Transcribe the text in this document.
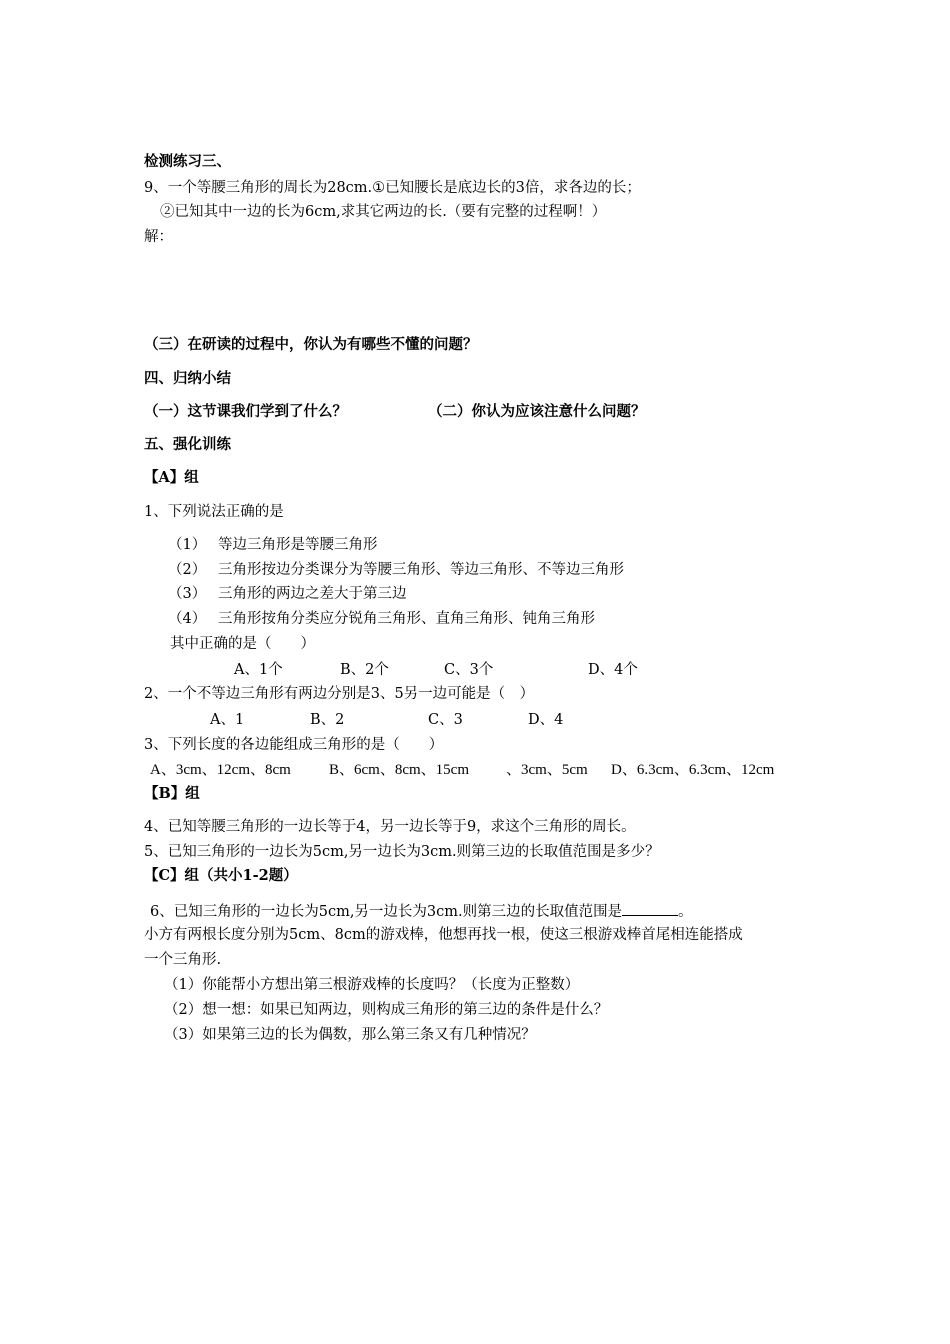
检测练习三、
9、一个等腰三角形的周长为28cm.①已知腰长是底边长的3倍，求各边的长；
②已知其中一边的长为6cm,求其它两边的长.（要有完整的过程啊！）
解：
（三）在研读的过程中，你认为有哪些不懂的问题？
四、归纳小结
（一）这节课我们学到了什么？	（二）你认为应该注意什么问题？
五、强化训练
【A】组
1、下列说法正确的是
（1） 等边三角形是等腰三角形
（2） 三角形按边分类课分为等腰三角形、等边三角形、不等边三角形
（3） 三角形的两边之差大于第三边
（4） 三角形按角分类应分锐角三角形、直角三角形、钝角三角形
其中正确的是（　　）
A、1个	B、2个	C、3个	D、4个
2、一个不等边三角形有两边分别是3、5另一边可能是（　）
A、1	B、2	C、3	D、4
3、下列长度的各边能组成三角形的是（　　）
A、3cm、12cm、8cm	B、6cm、8cm、15cm 、3cm、5cm D、6.3cm、6.3cm、12cm
【B】组
4、已知等腰三角形的一边长等于4，另一边长等于9，求这个三角形的周长。
5、已知三角形的一边长为5cm,另一边长为3cm.则第三边的长取值范围是多少？
【C】组（共小1-2题）
6、已知三角形的一边长为5cm,另一边长为3cm.则第三边的长取值范围是	。
小方有两根长度分别为5cm、8cm的游戏棒，他想再找一根，使这三根游戏棒首尾相连能搭成
一个三角形.
（1）你能帮小方想出第三根游戏棒的长度吗？（长度为正整数）
（2）想一想：如果已知两边，则构成三角形的第三边的条件是什么？
（3）如果第三边的长为偶数，那么第三条又有几种情况？
